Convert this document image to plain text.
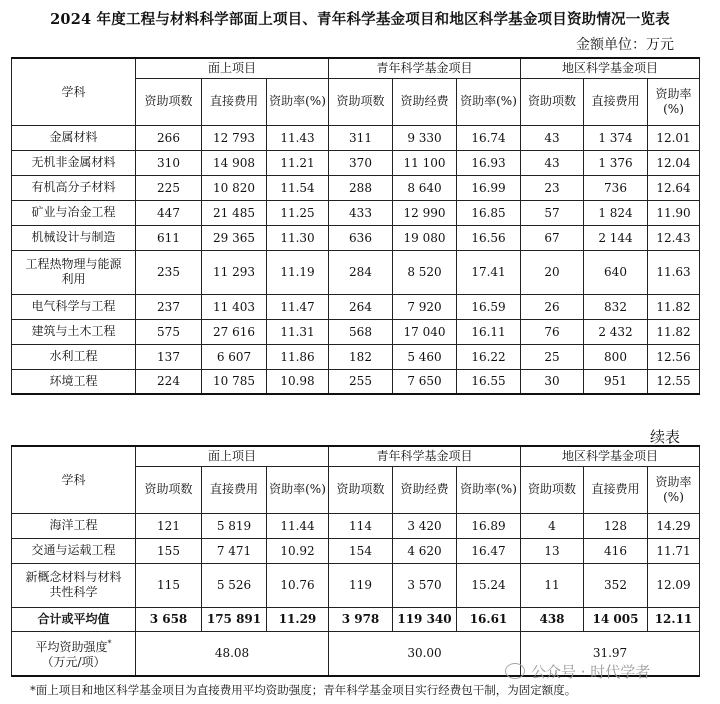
2024 年度工程与材料科学部面上项目、青年科学基金项目和地区科学基金项目资助情况一览表
金额单位：万元
学科	面上项目			青年科学基金项目			地区科学基金项目		
	资助项数	直接费用	资助率(%)	资助项数	资助经费	资助率(%)	资助项数	直接费用	资助率(%)
金属材料	266	12 793	11.43	311	9 330	16.74	43	1 374	12.01
无机非金属材料	310	14 908	11.21	370	11 100	16.93	43	1 376	12.04
有机高分子材料	225	10 820	11.54	288	8 640	16.99	23	736	12.64
矿业与冶金工程	447	21 485	11.25	433	12 990	16.85	57	1 824	11.90
机械设计与制造	611	29 365	11.30	636	19 080	16.56	67	2 144	12.43
工程热物理与能源利用	235	11 293	11.19	284	8 520	17.41	20	640	11.63
电气科学与工程	237	11 403	11.47	264	7 920	16.59	26	832	11.82
建筑与土木工程	575	27 616	11.31	568	17 040	16.11	76	2 432	11.82
水利工程	137	6 607	11.86	182	5 460	16.22	25	800	12.56
环境工程	224	10 785	10.98	255	7 650	16.55	30	951	12.55
续表
学科	面上项目			青年科学基金项目			地区科学基金项目		
	资助项数	直接费用	资助率(%)	资助项数	资助经费	资助率(%)	资助项数	直接费用	资助率(%)
海洋工程	121	5 819	11.44	114	3 420	16.89	4	128	14.29
交通与运载工程	155	7 471	10.92	154	4 620	16.47	13	416	11.71
新概念材料与材料共性科学	115	5 526	10.76	119	3 570	15.24	11	352	12.09
合计或平均值	3 658	175 891	11.29	3 978	119 340	16.61	438	14 005	12.11
平均资助强度*
（万元/项）	48.08			30.00			31.97		
公众号 · 时代学者
*面上项目和地区科学基金项目为直接费用平均资助强度；青年科学基金项目实行经费包干制，为固定额度。
